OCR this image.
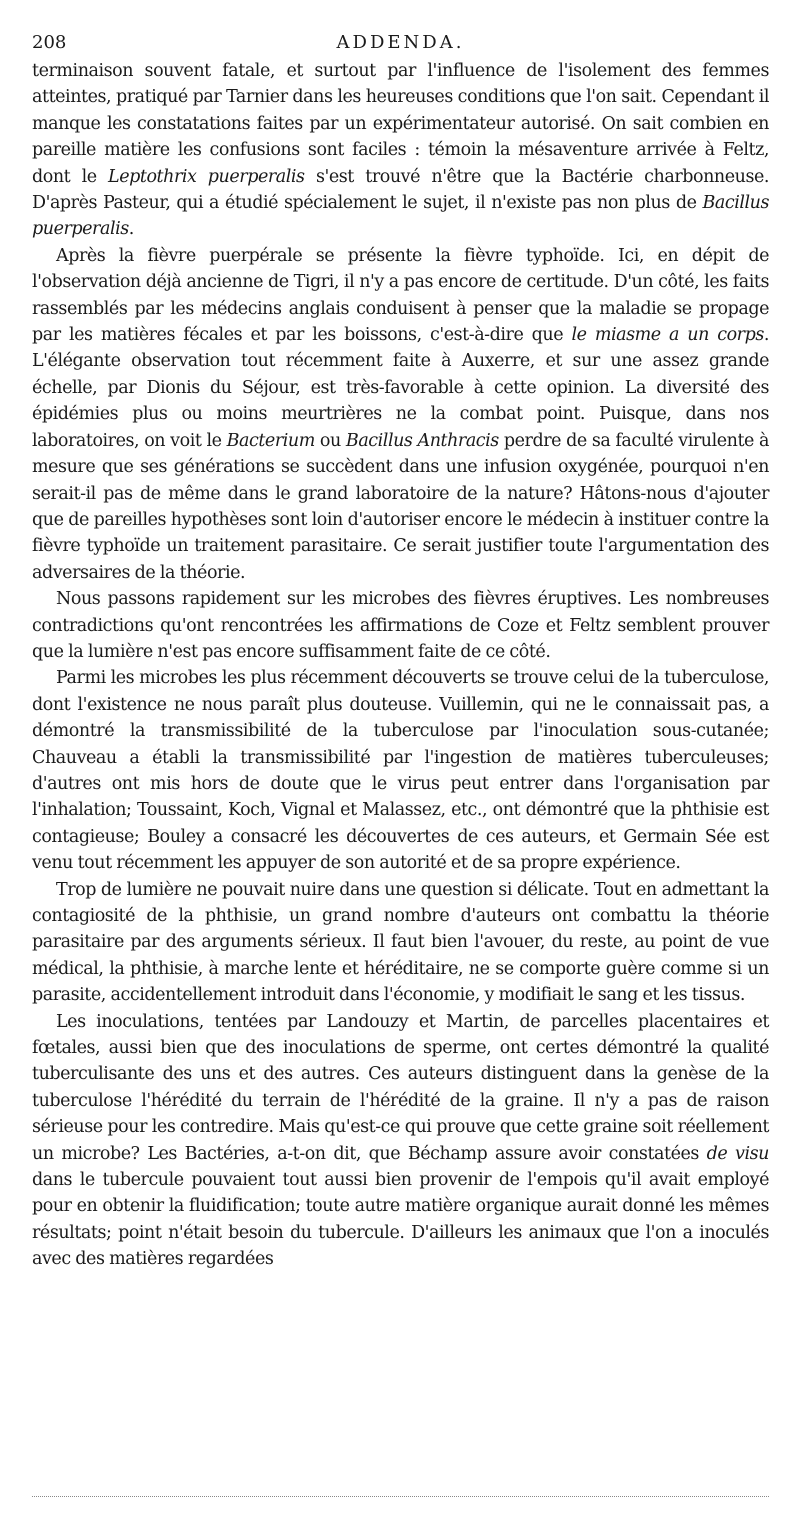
208	ADDENDA.

terminaison souvent fatale, et surtout par l'influence de l'isolement des femmes atteintes, pratiqué par Tarnier dans les heureuses conditions que l'on sait. Cependant il manque les constatations faites par un expérimentateur autorisé. On sait combien en pareille matière les confusions sont faciles : témoin la mésaventure arrivée à Feltz, dont le Leptothrix puerperalis s'est trouvé n'être que la Bactérie charbonneuse. D'après Pasteur, qui a étudié spécialement le sujet, il n'existe pas non plus de Bacillus puerperalis.

Après la fièvre puerpérale se présente la fièvre typhoïde. Ici, en dépit de l'observation déjà ancienne de Tigri, il n'y a pas encore de certitude. D'un côté, les faits rassemblés par les médecins anglais conduisent à penser que la maladie se propage par les matières fécales et par les boissons, c'est-à-dire que le miasme a un corps. L'élégante observation tout récemment faite à Auxerre, et sur une assez grande échelle, par Dionis du Séjour, est très-favorable à cette opinion. La diversité des épidémies plus ou moins meurtrières ne la combat point. Puisque, dans nos laboratoires, on voit le Bacterium ou Bacillus Anthracis perdre de sa faculté virulente à mesure que ses générations se succèdent dans une infusion oxygénée, pourquoi n'en serait-il pas de même dans le grand laboratoire de la nature? Hâtons-nous d'ajouter que de pareilles hypothèses sont loin d'autoriser encore le médecin à instituer contre la fièvre typhoïde un traitement parasitaire. Ce serait justifier toute l'argumentation des adversaires de la théorie.

Nous passons rapidement sur les microbes des fièvres éruptives. Les nombreuses contradictions qu'ont rencontrées les affirmations de Coze et Feltz semblent prouver que la lumière n'est pas encore suffisamment faite de ce côté.

Parmi les microbes les plus récemment découverts se trouve celui de la tuberculose, dont l'existence ne nous paraît plus douteuse. Vuillemin, qui ne le connaissait pas, a démontré la transmissibilité de la tuberculose par l'inoculation sous-cutanée; Chauveau a établi la transmissibilité par l'ingestion de matières tuberculeuses; d'autres ont mis hors de doute que le virus peut entrer dans l'organisation par l'inhalation; Toussaint, Koch, Vignal et Malassez, etc., ont démontré que la phthisie est contagieuse; Bouley a consacré les découvertes de ces auteurs, et Germain Sée est venu tout récemment les appuyer de son autorité et de sa propre expérience.

Trop de lumière ne pouvait nuire dans une question si délicate. Tout en admettant la contagiosité de la phthisie, un grand nombre d'auteurs ont combattu la théorie parasitaire par des arguments sérieux. Il faut bien l'avouer, du reste, au point de vue médical, la phthisie, à marche lente et héréditaire, ne se comporte guère comme si un parasite, accidentellement introduit dans l'économie, y modifiait le sang et les tissus.

Les inoculations, tentées par Landouzy et Martin, de parcelles placentaires et fœtales, aussi bien que des inoculations de sperme, ont certes démontré la qualité tuberculisante des uns et des autres. Ces auteurs distinguent dans la genèse de la tuberculose l'hérédité du terrain de l'hérédité de la graine. Il n'y a pas de raison sérieuse pour les contredire. Mais qu'est-ce qui prouve que cette graine soit réellement un microbe? Les Bactéries, a-t-on dit, que Béchamp assure avoir constatées de visu dans le tubercule pouvaient tout aussi bien provenir de l'empois qu'il avait employé pour en obtenir la fluidification; toute autre matière organique aurait donné les mêmes résultats; point n'était besoin du tubercule. D'ailleurs les animaux que l'on a inoculés avec des matières regardées
